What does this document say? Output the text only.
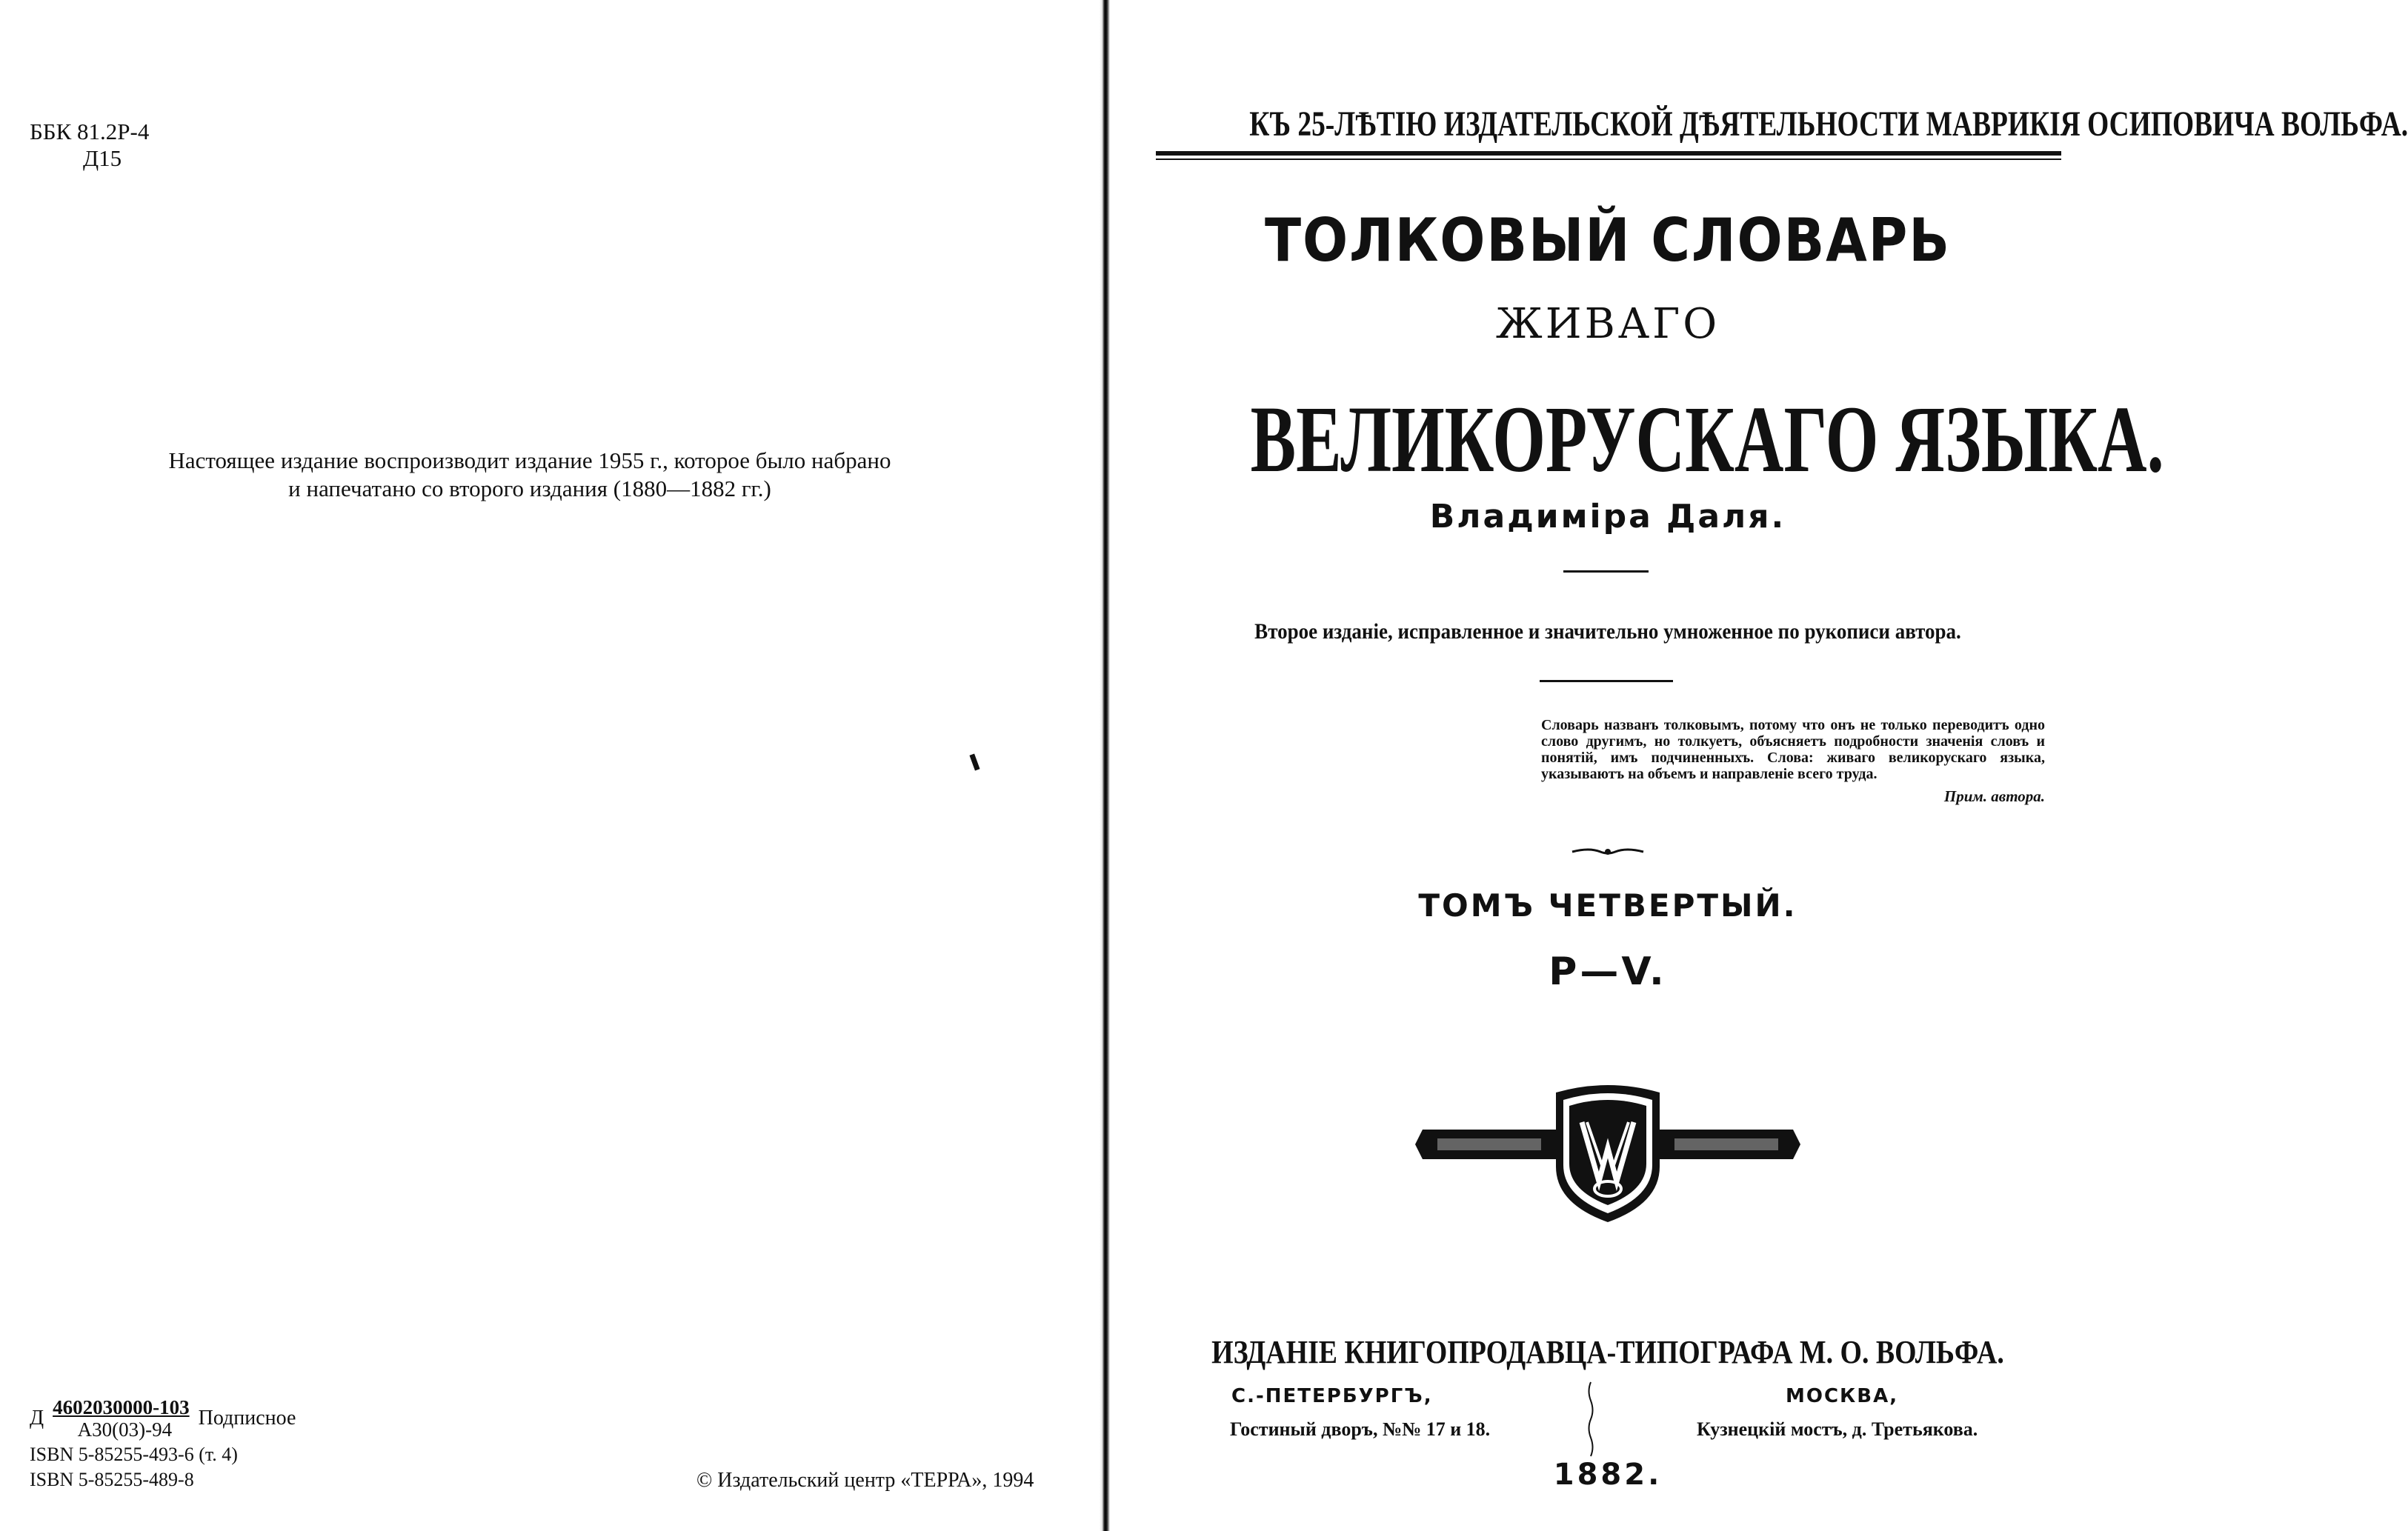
ББК 81.2Р-4
Д15
Настоящее издание воспроизводит издание 1955 г., которое было набрано
и напечатано со второго издания (1880—1882 гг.)
Д $\frac{4602030000-103}{А30(03)-94}$ Подписное
ISBN 5-85255-493-6 (т. 4)
ISBN 5-85255-489-8	© Издательский центр «ТЕРРА», 1994
КЪ 25-ЛѢТІЮ ИЗДАТЕЛЬСКОЙ ДѢЯТЕЛЬНОСТИ МАВРИКІЯ ОСИПОВИЧА ВОЛЬФА.
ТОЛКОВЫЙ СЛОВАРЬ
ЖИВАГО
ВЕЛИКОРУСКАГО ЯЗЫКА.
Владиміра Даля.
Второе изданіе, исправленное и значительно умноженное по рукописи автора.
Словарь названъ толковымъ, потому что онъ не только переводитъ одно слово другимъ, но толкуетъ, объясняетъ подробности значенія словъ и понятій, имъ подчиненныхъ. Слова: живаго великорускаго языка, указываютъ на объемъ и направленіе всего труда.
Прим. автора.
ТОМЪ ЧЕТВЕРТЫЙ.
Р—V.
ИЗДАНІЕ КНИГОПРОДАВЦА-ТИПОГРАФА М. О. ВОЛЬФА.
С.-ПЕТЕРБУРГЪ,
Гостиный дворъ, №№ 17 и 18.
МОСКВА,
Кузнецкій мостъ, д. Третьякова.
1882.
